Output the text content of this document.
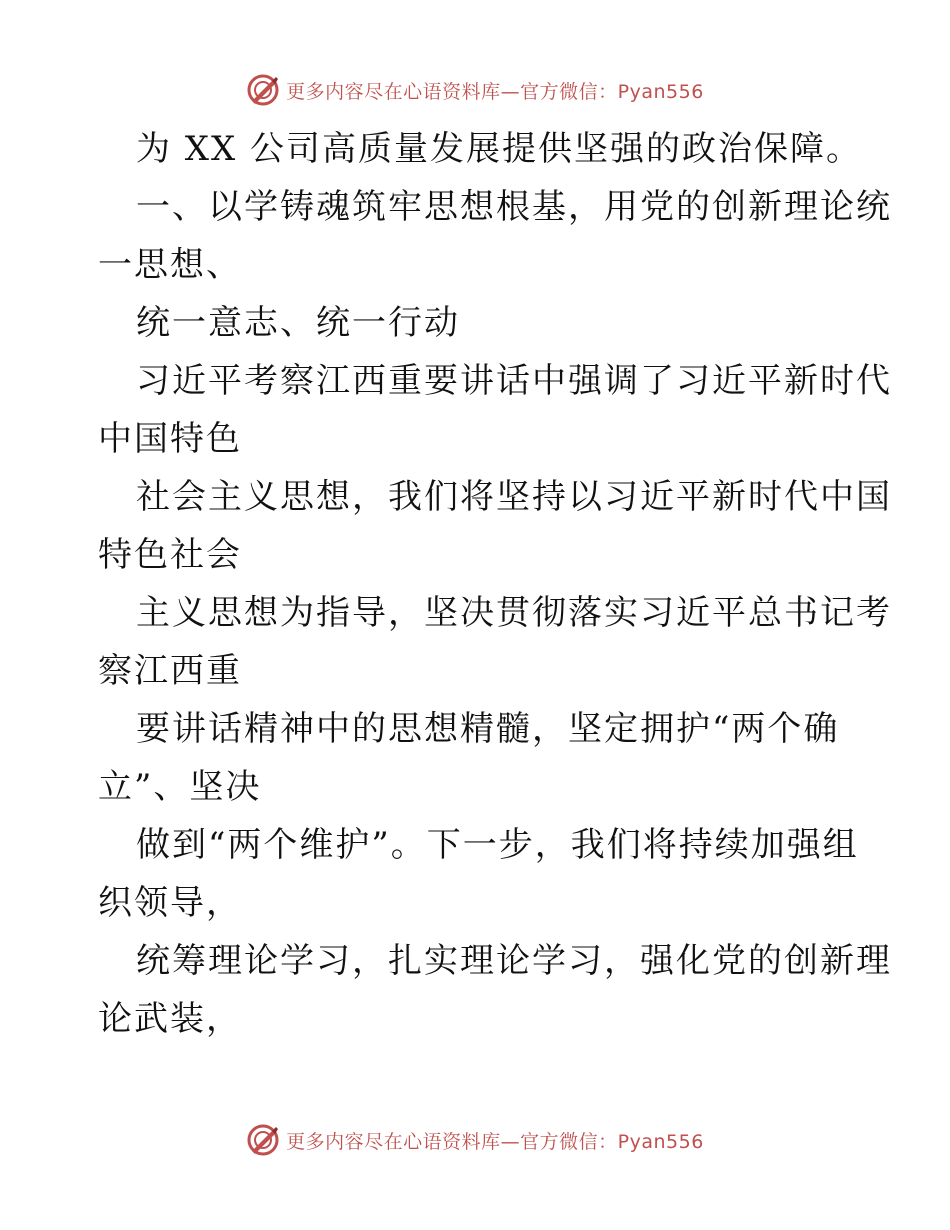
更多内容尽在心语资料库—官方微信：Pyan556
为 XX 公司高质量发展提供坚强的政治保障。
一、以学铸魂筑牢思想根基，用党的创新理论统
一思想、
统一意志、统一行动
习近平考察江西重要讲话中强调了习近平新时代
中国特色
社会主义思想，我们将坚持以习近平新时代中国
特色社会
主义思想为指导，坚决贯彻落实习近平总书记考
察江西重
要讲话精神中的思想精髓，坚定拥护“两个确
立”、坚决
做到“两个维护”。下一步，我们将持续加强组
织领导，
统筹理论学习，扎实理论学习，强化党的创新理
论武装，
更多内容尽在心语资料库—官方微信：Pyan556
